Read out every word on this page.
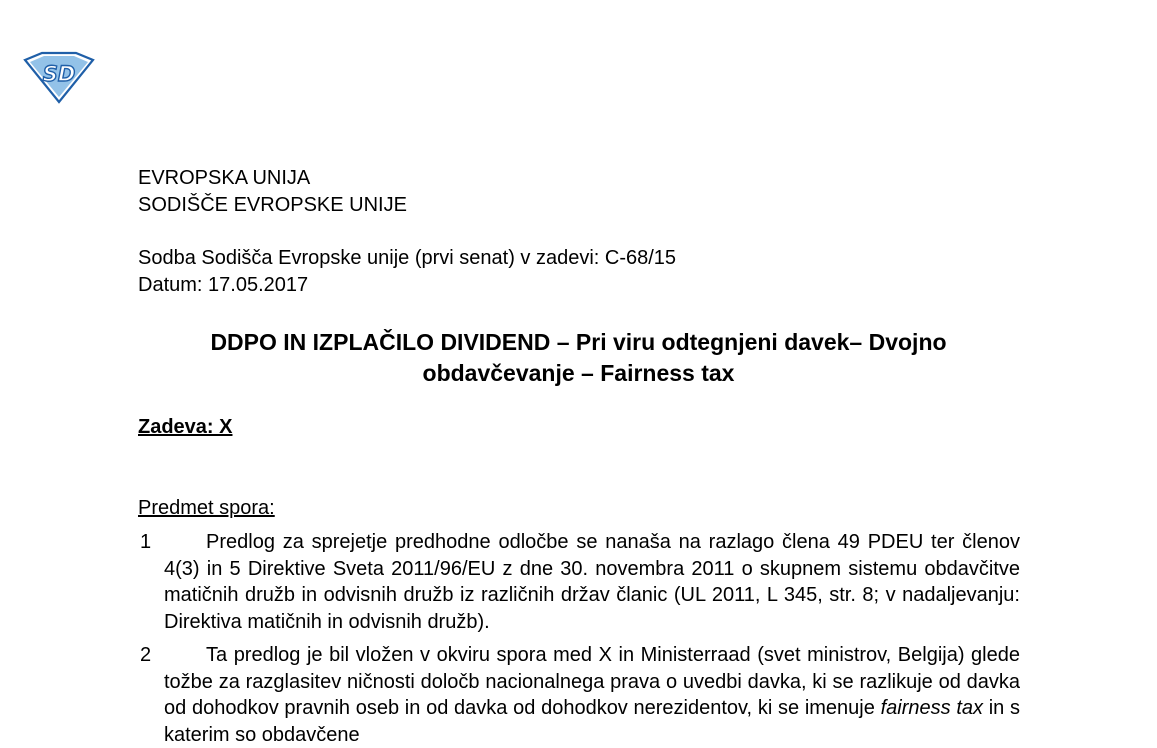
SD
EVROPSKA UNIJA
SODIŠČE EVROPSKE UNIJE
Sodba Sodišča Evropske unije (prvi senat) v zadevi: C-68/15
Datum: 17.05.2017
DDPO IN IZPLAČILO DIVIDEND – Pri viru odtegnjeni davek– Dvojno
obdavčevanje – Fairness tax
Zadeva: X
Predmet spora:
1	Predlog za sprejetje predhodne odločbe se nanaša na razlago člena 49 PDEU ter členov 4(3) in 5 Direktive Sveta 2011/96/EU z dne 30. novembra 2011 o skupnem sistemu obdavčitve matičnih družb in odvisnih družb iz različnih držav članic (UL 2011, L 345, str. 8; v nadaljevanju: Direktiva matičnih in odvisnih družb).
2	Ta predlog je bil vložen v okviru spora med X in Ministerraad (svet ministrov, Belgija) glede tožbe za razglasitev ničnosti določb nacionalnega prava o uvedbi davka, ki se razlikuje od davka od dohodkov pravnih oseb in od davka od dohodkov nerezidentov, ki se imenuje fairness tax in s katerim so obdavčene
